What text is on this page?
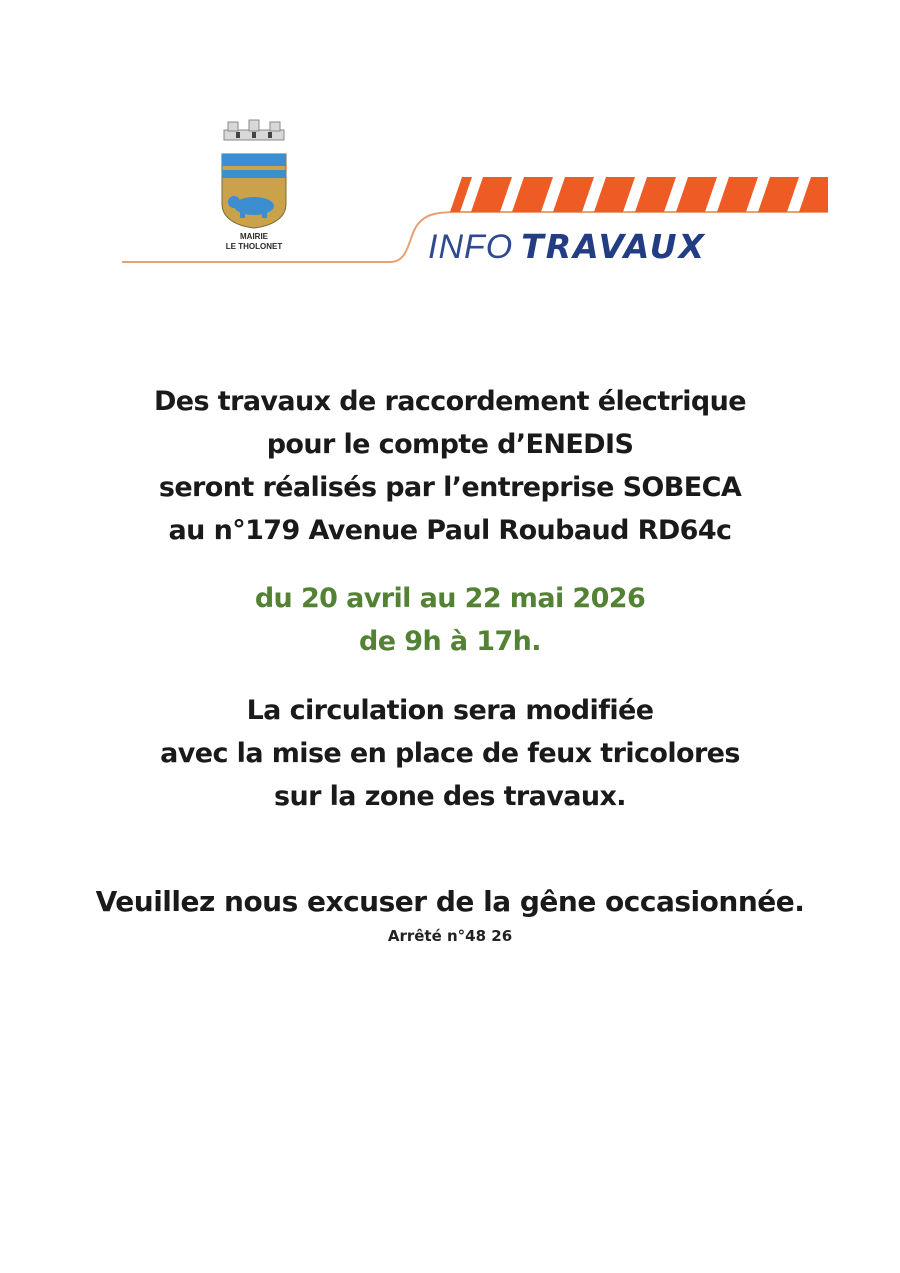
MAIRIE
LE THOLONET	INFO TRAVAUX

Des travaux de raccordement électrique
pour le compte d’ENEDIS
seront réalisés par l’entreprise SOBECA
au n°179 Avenue Paul Roubaud RD64c

du 20 avril au 22 mai 2026
de 9h à 17h.

La circulation sera modifiée
avec la mise en place de feux tricolores
sur la zone des travaux.

Veuillez nous excuser de la gêne occasionnée.

Arrêté n°48 26
